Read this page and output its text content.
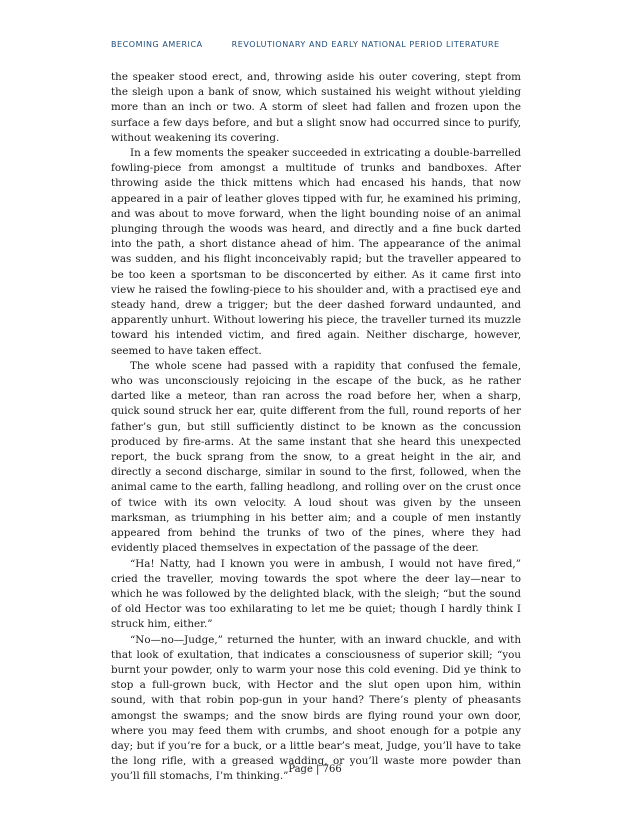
BECOMING AMERICA	REVOLUTIONARY AND EARLY NATIONAL PERIOD LITERATURE

the speaker stood erect, and, throwing aside his outer covering, stept from the sleigh upon a bank of snow, which sustained his weight without yielding more than an inch or two. A storm of sleet had fallen and frozen upon the surface a few days before, and but a slight snow had occurred since to purify, without weakening its covering.

In a few moments the speaker succeeded in extricating a double-barrelled fowling-piece from amongst a multitude of trunks and bandboxes. After throwing aside the thick mittens which had encased his hands, that now appeared in a pair of leather gloves tipped with fur, he examined his priming, and was about to move forward, when the light bounding noise of an animal plunging through the woods was heard, and directly and a fine buck darted into the path, a short distance ahead of him. The appearance of the animal was sudden, and his flight inconceivably rapid; but the traveller appeared to be too keen a sportsman to be disconcerted by either. As it came first into view he raised the fowling-piece to his shoulder and, with a practised eye and steady hand, drew a trigger; but the deer dashed forward undaunted, and apparently unhurt. Without lowering his piece, the traveller turned its muzzle toward his intended victim, and fired again. Neither discharge, however, seemed to have taken effect.

The whole scene had passed with a rapidity that confused the female, who was unconsciously rejoicing in the escape of the buck, as he rather darted like a meteor, than ran across the road before her, when a sharp, quick sound struck her ear, quite different from the full, round reports of her father’s gun, but still sufficiently distinct to be known as the concussion produced by fire-arms. At the same instant that she heard this unexpected report, the buck sprang from the snow, to a great height in the air, and directly a second discharge, similar in sound to the first, followed, when the animal came to the earth, falling headlong, and rolling over on the crust once of twice with its own velocity. A loud shout was given by the unseen marksman, as triumphing in his better aim; and a couple of men instantly appeared from behind the trunks of two of the pines, where they had evidently placed themselves in expectation of the passage of the deer.

“Ha! Natty, had I known you were in ambush, I would not have fired,” cried the traveller, moving towards the spot where the deer lay—near to which he was followed by the delighted black, with the sleigh; “but the sound of old Hector was too exhilarating to let me be quiet; though I hardly think I struck him, either.”

“No—no—Judge,” returned the hunter, with an inward chuckle, and with that look of exultation, that indicates a consciousness of superior skill; “you burnt your powder, only to warm your nose this cold evening. Did ye think to stop a full-grown buck, with Hector and the slut open upon him, within sound, with that robin pop-gun in your hand? There’s plenty of pheasants amongst the swamps; and the snow birds are flying round your own door, where you may feed them with crumbs, and shoot enough for a potpie any day; but if you’re for a buck, or a little bear’s meat, Judge, you’ll have to take the long rifle, with a greased wadding, or you’ll waste more powder than you’ll fill stomachs, I’m thinking.”

Page | 766
